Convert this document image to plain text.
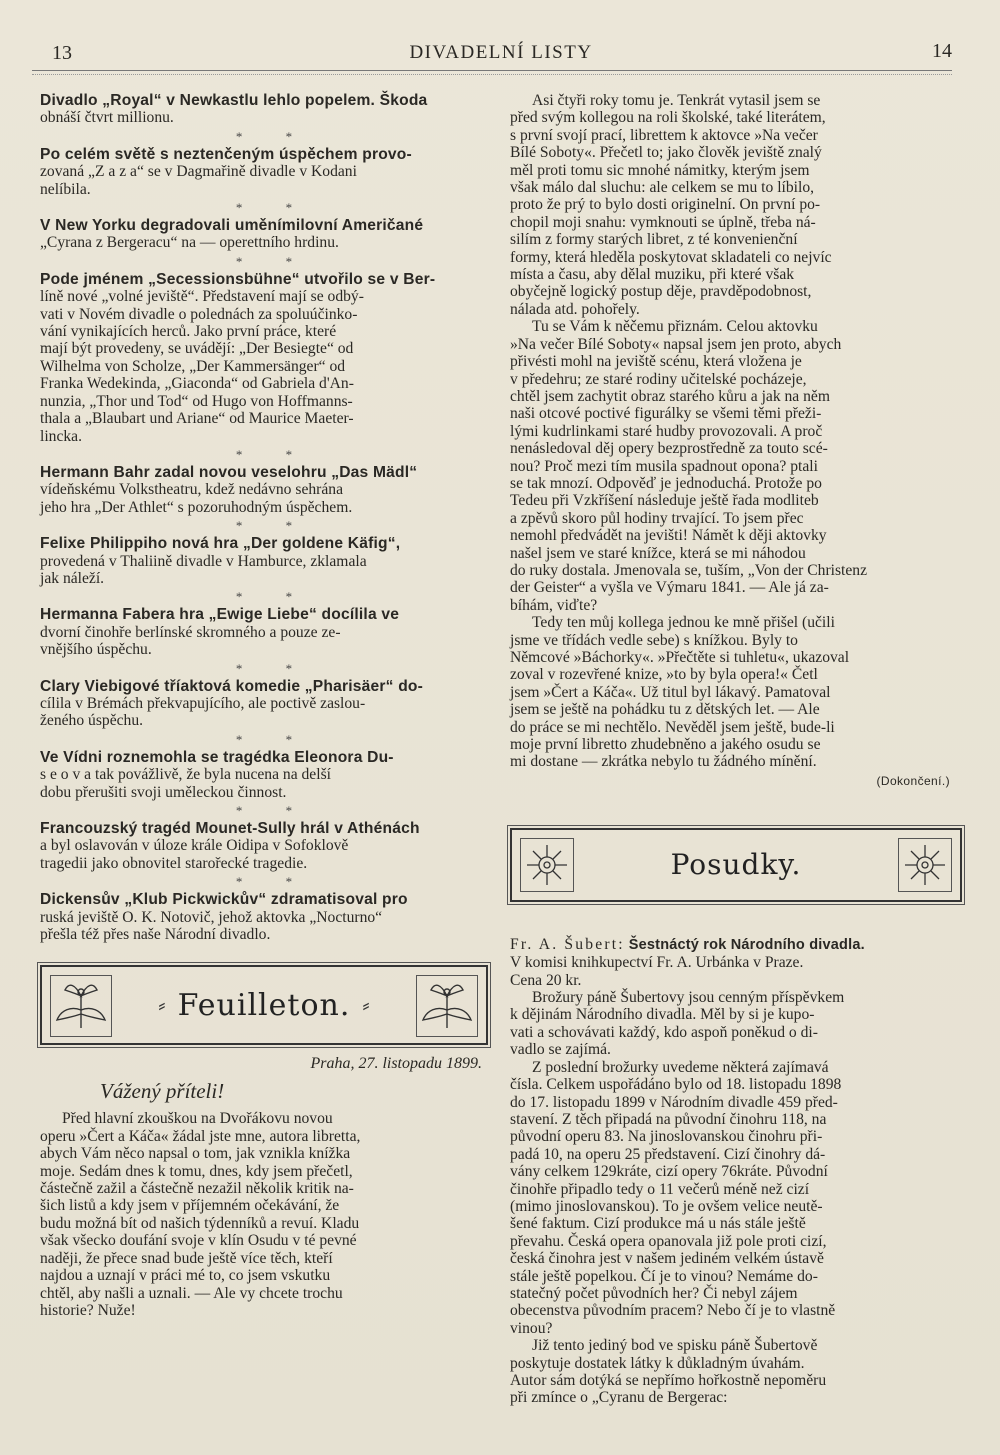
13	DIVADELNÍ LISTY	14

Divadlo „Royal“ v Newkastlu lehlo popelem. Škoda

obnáší čtvrt millionu.

* *

Po celém světě s neztenčeným úspěchem provo-

zovaná „Z a z a“ se v Dagmařině divadle v Kodani

nelíbila.

* *

V New Yorku degradovali uměnímilovní Američané

„Cyrana z Bergeracu“ na — operettního hrdinu.

* *

Pode jménem „Secessionsbühne“ utvořilo se v Ber-

líně nové „volné jeviště“. Představení mají se odbý-

vati v Novém divadle o polednách za spoluúčinko-

vání vynikajících herců. Jako první práce, které

mají být provedeny, se uvádějí: „Der Besiegte“ od

Wilhelma von Scholze, „Der Kammersänger“ od

Franka Wedekinda, „Giaconda“ od Gabriela d'An-

nunzia, „Thor und Tod“ od Hugo von Hoffmanns-

thala a „Blaubart und Ariane“ od Maurice Maeter-

lincka.

* *

Hermann Bahr zadal novou veselohru „Das Mädl“

vídeňskému Volkstheatru, kdež nedávno sehrána

jeho hra „Der Athlet“ s pozoruhodným úspěchem.

* *

Felixe Philippiho nová hra „Der goldene Käfig“,

provedená v Thaliině divadle v Hamburce, zklamala

jak náleží.

* *

Hermanna Fabera hra „Ewige Liebe“ docílila ve

dvorní činohře berlínské skromného a pouze ze-

vnějšího úspěchu.

* *

Clary Viebigové tříaktová komedie „Pharisäer“ do-

cílila v Brémách překvapujícího, ale poctivě zaslou-

ženého úspěchu.

* *

Ve Vídni roznemohla se tragédka Eleonora Du-

s e o v a tak povážlivě, že byla nucena na delší

dobu přerušiti svoji uměleckou činnost.

* *

Francouzský tragéd Mounet-Sully hrál v Athénách

a byl oslavován v úloze krále Oidipa v Sofoklově

tragedii jako obnovitel starořecké tragedie.

* *

Dickensův „Klub Pickwickův“ zdramatisoval pro

ruská jeviště O. K. Notovič, jehož aktovka „Nocturno“

přešla též přes naše Národní divadlo.

⸗ Feuilleton. ⸗
Praha, 27. listopadu 1899.
Vážený příteli!

Před hlavní zkouškou na Dvořákovu novou

operu »Čert a Káča« žádal jste mne, autora libretta,

abych Vám něco napsal o tom, jak vznikla knížka

moje. Sedám dnes k tomu, dnes, kdy jsem přečetl,

částečně zažil a částečně nezažil několik kritik na-

šich listů a kdy jsem v příjemném očekávání, že

budu možná bít od našich týdenníků a revuí. Kladu

však všecko doufání svoje v klín Osudu v té pevné

naději, že přece snad bude ještě více těch, kteří

najdou a uznají v práci mé to, co jsem vskutku

chtěl, aby našli a uznali. — Ale vy chcete trochu

historie? Nuže!

Asi čtyři roky tomu je. Tenkrát vytasil jsem se

před svým kollegou na roli školské, také literátem,

s první svojí prací, librettem k aktovce »Na večer

Bílé Soboty«. Přečetl to; jako člověk jeviště znalý

měl proti tomu sic mnohé námitky, kterým jsem

však málo dal sluchu: ale celkem se mu to líbilo,

proto že prý to bylo dosti originelní. On první po-

chopil moji snahu: vymknouti se úplně, třeba ná-

silím z formy starých libret, z té konvenienční

formy, která hleděla poskytovat skladateli co nejvíc

místa a času, aby dělal muziku, při které však

obyčejně logický postup děje, pravděpodobnost,

nálada atd. pohořely.

Tu se Vám k něčemu přiznám. Celou aktovku

»Na večer Bílé Soboty« napsal jsem jen proto, abych

přivésti mohl na jeviště scénu, která vložena je

v předehru; ze staré rodiny učitelské pocházeje,

chtěl jsem zachytit obraz starého kůru a jak na něm

naši otcové poctivé figurálky se všemi těmi přeži-

lými kudrlinkami staré hudby provozovali. A proč

nenásledoval děj opery bezprostředně za touto scé-

nou? Proč mezi tím musila spadnout opona? ptali

se tak mnozí. Odpověď je jednoduchá. Protože po

Tedeu při Vzkříšení následuje ještě řada modliteb

a zpěvů skoro půl hodiny trvající. To jsem přec

nemohl předvádět na jevišti! Námět k ději aktovky

našel jsem ve staré knížce, která se mi náhodou

do ruky dostala. Jmenovala se, tuším, „Von der Christenz

der Geister“ a vyšla ve Výmaru 1841. — Ale já za-

bíhám, viďte?

Tedy ten můj kollega jednou ke mně přišel (učili

jsme ve třídách vedle sebe) s knížkou. Byly to

Němcové »Báchorky«. »Přečtěte si tuhletu«, ukazoval

zoval v rozevřené knize, »to by byla opera!« Četl

jsem »Čert a Káča«. Už titul byl lákavý. Pamatoval

jsem se ještě na pohádku tu z dětských let. — Ale

do práce se mi nechtělo. Nevěděl jsem ještě, bude-li

moje první libretto zhudebněno a jakého osudu se

mi dostane — zkrátka nebylo tu žádného mínění.

(Dokončení.)
Posudky.

Fr. A. Šubert: Šestnáctý rok Národního divadla.

V komisi knihkupectví Fr. A. Urbánka v Praze.

Cena 20 kr.

Brožury páně Šubertovy jsou cenným příspěvkem

k dějinám Národního divadla. Měl by si je kupo-

vati a schovávati každý, kdo aspoň poněkud o di-

vadlo se zajímá.

Z poslední brožurky uvedeme některá zajímavá

čísla. Celkem uspořádáno bylo od 18. listopadu 1898

do 17. listopadu 1899 v Národním divadle 459 před-

stavení. Z těch připadá na původní činohru 118, na

původní operu 83. Na jinoslovanskou činohru při-

padá 10, na operu 25 představení. Cizí činohry dá-

vány celkem 129kráte, cizí opery 76kráte. Původní

činohře připadlo tedy o 11 večerů méně než cizí

(mimo jinoslovanskou). To je ovšem velice neutě-

šené faktum. Cizí produkce má u nás stále ještě

převahu. Česká opera opanovala již pole proti cizí,

česká činohra jest v našem jediném velkém ústavě

stále ještě popelkou. Čí je to vinou? Nemáme do-

statečný počet původních her? Či nebyl zájem

obecenstva původním pracem? Nebo čí je to vlastně

vinou?

Již tento jediný bod ve spisku páně Šubertově

poskytuje dostatek látky k důkladným úvahám.

Autor sám dotýká se nepřímo hořkostně nepoměru

při zmínce o „Cyranu de Bergerac:
